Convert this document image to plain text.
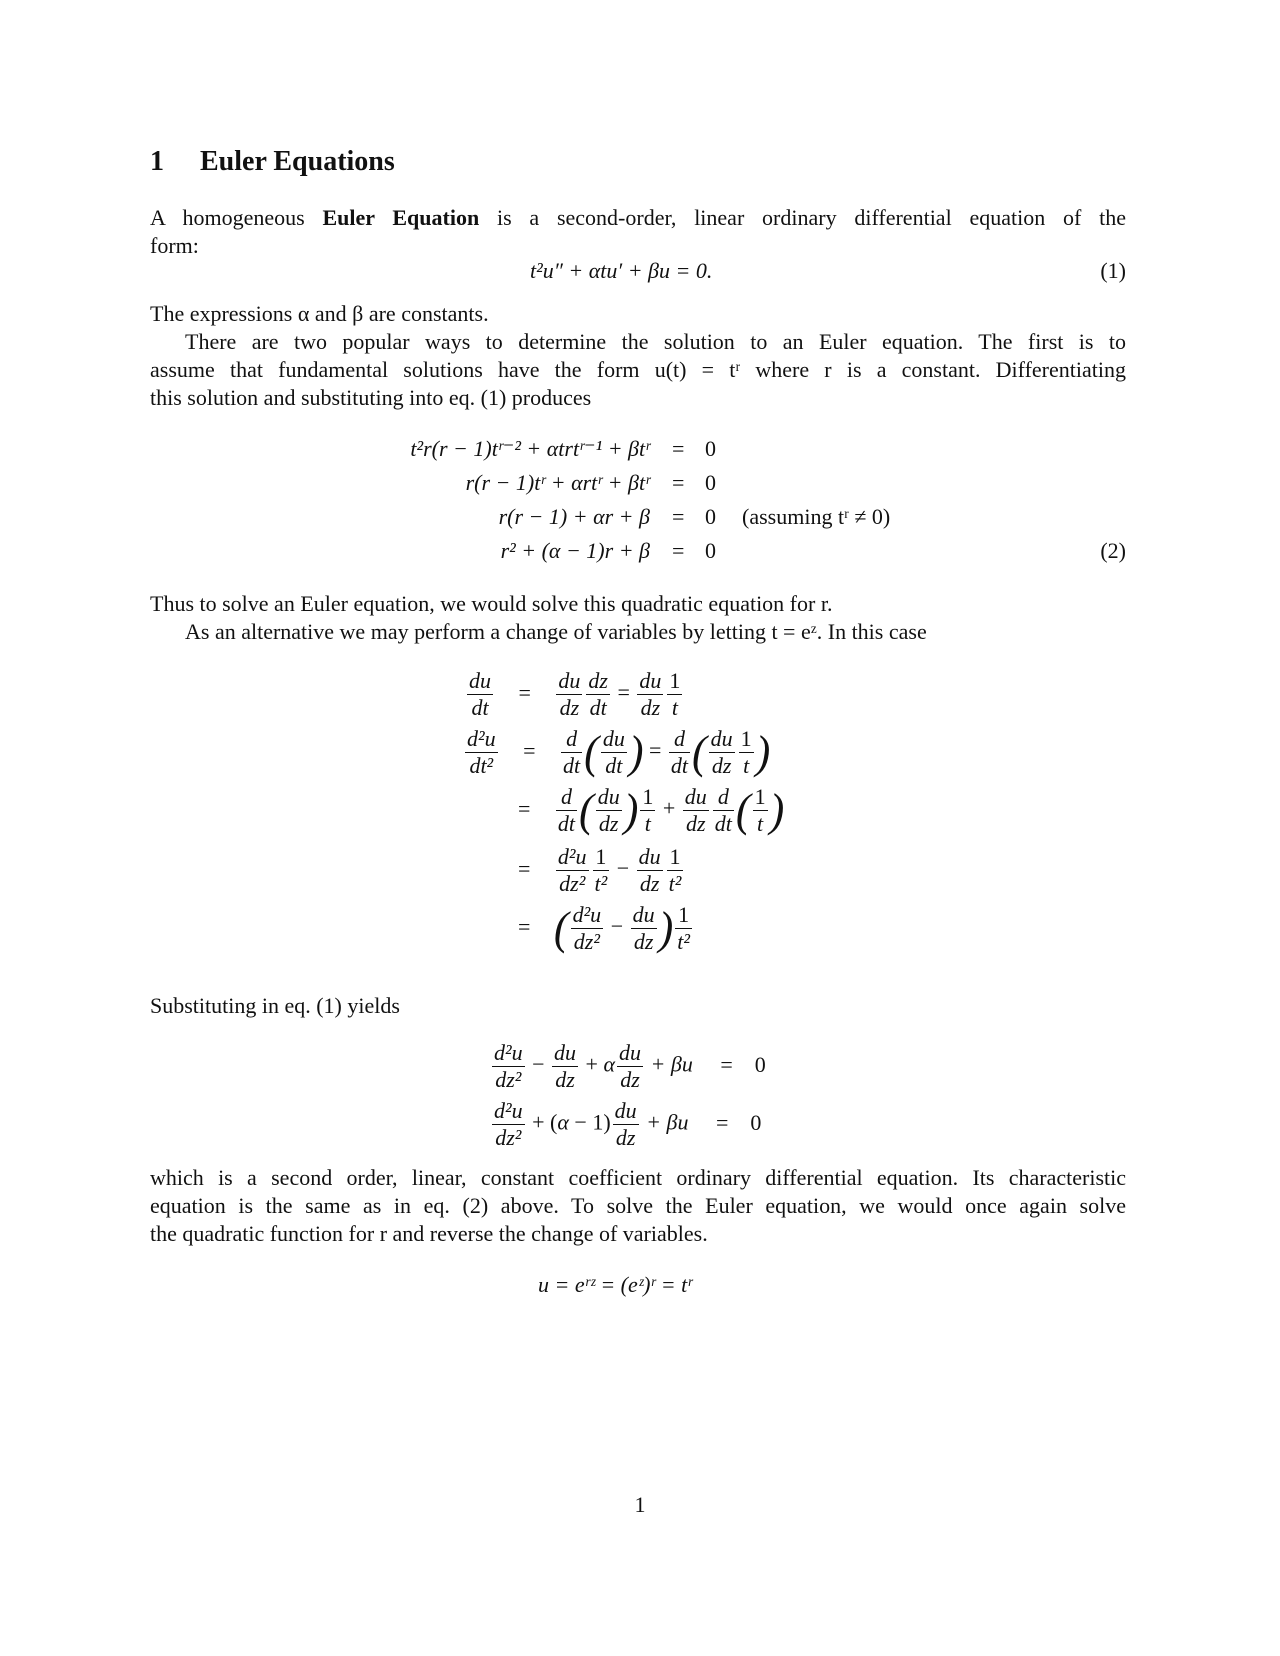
1 Euler Equations
A homogeneous Euler Equation is a second-order, linear ordinary differential equation of the
form:
t²u″ + αtu′ + βu = 0.	(1)
The expressions α and β are constants.
There are two popular ways to determine the solution to an Euler equation. The first is to
assume that fundamental solutions have the form u(t) = tʳ where r is a constant. Differentiating
this solution and substituting into eq. (1) produces
t²r(r − 1)tʳ⁻² + αtrtʳ⁻¹ + βtʳ = 0
r(r − 1)tʳ + αrtʳ + βtʳ = 0
r(r − 1) + αr + β = 0 (assuming tʳ ≠ 0)
r² + (α − 1)r + β = 0	(2)
Thus to solve an Euler equation, we would solve this quadratic equation for r.
As an alternative we may perform a change of variables by letting t = eᶻ. In this case
$\frac{du}{dt} = \frac{du}{dz} \frac{dz}{dt} = \frac{du}{dz} \frac{1}{t}$
$\frac{\text{d²u}}{\text{dt²}} = \frac{d}{dt}$ ( $\frac{du}{dt}$ ) = $\frac{d}{dt}$ ( $\frac{du}{dz} \frac{1}{t}$ )
= $\frac{d}{dt}$ ( $\frac{du}{dz}$ ) $\frac{1}{t} + \frac{du}{dz} \frac{d}{dt}$ ( $\frac{1}{t}$ )
= $\frac{\text{d²u}}{\text{dz²}} \frac{1}{\text{t²}} - \frac{du}{dz} \frac{1}{\text{t²}}$
= ( $\frac{\text{d²u}}{\text{dz²}} - \frac{du}{dz}$ ) $\frac{1}{\text{t²}}$
Substituting in eq. (1) yields
$\frac{\text{d²u}}{\text{dz²}} - \frac{du}{dz} + \alpha \frac{du}{dz} + \beta u = 0$
$\frac{\text{d²u}}{\text{dz²}} + (\alpha - 1) \frac{du}{dz} + \beta u = 0$
which is a second order, linear, constant coefficient ordinary differential equation. Its characteristic
equation is the same as in eq. (2) above. To solve the Euler equation, we would once again solve
the quadratic function for r and reverse the change of variables.
u = eʳᶻ = (eᶻ)ʳ = tʳ
1
